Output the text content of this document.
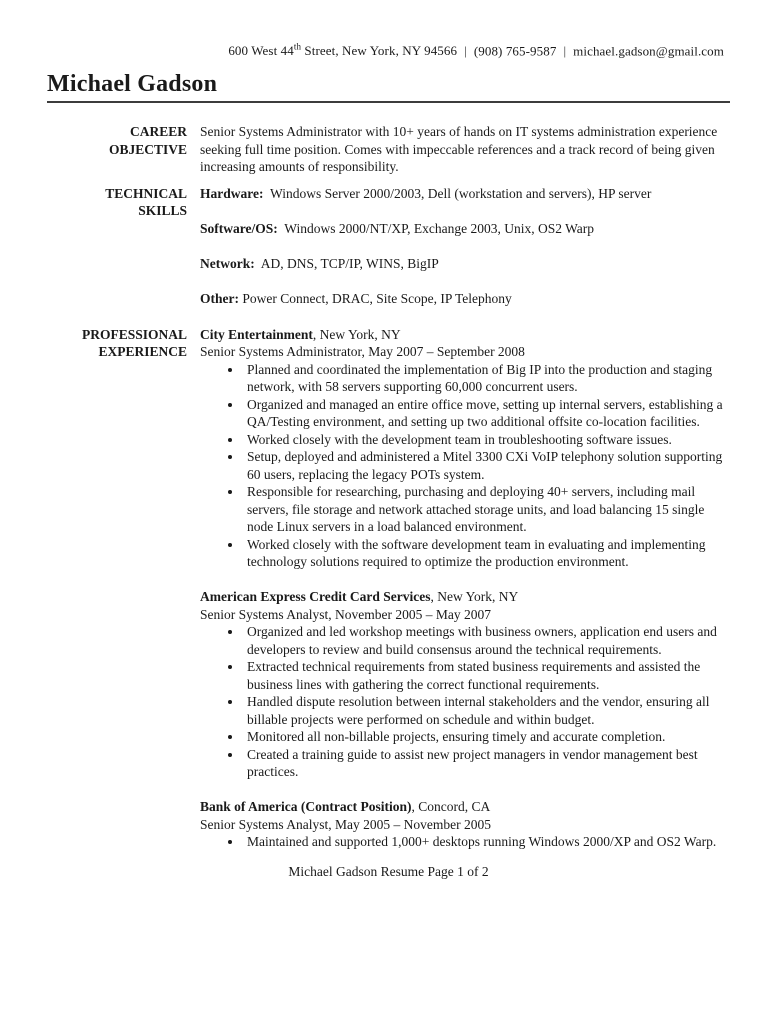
600 West 44th Street, New York, NY 94566 | (908) 765-9587 | michael.gadson@gmail.com
Michael Gadson
CAREER
OBJECTIVE
Senior Systems Administrator with 10+ years of hands on IT systems administration experience seeking full time position. Comes with impeccable references and a track record of being given increasing amounts of responsibility.
TECHNICAL
SKILLS
Hardware: Windows Server 2000/2003, Dell (workstation and servers), HP server
Software/OS: Windows 2000/NT/XP, Exchange 2003, Unix, OS2 Warp
Network: AD, DNS, TCP/IP, WINS, BigIP
Other: Power Connect, DRAC, Site Scope, IP Telephony
PROFESSIONAL
EXPERIENCE
City Entertainment, New York, NY
Senior Systems Administrator, May 2007 – September 2008
• Planned and coordinated the implementation of Big IP into the production and staging network, with 58 servers supporting 60,000 concurrent users.
• Organized and managed an entire office move, setting up internal servers, establishing a QA/Testing environment, and setting up two additional offsite co-location facilities.
• Worked closely with the development team in troubleshooting software issues.
• Setup, deployed and administered a Mitel 3300 CXi VoIP telephony solution supporting 60 users, replacing the legacy POTs system.
• Responsible for researching, purchasing and deploying 40+ servers, including mail servers, file storage and network attached storage units, and load balancing 15 single node Linux servers in a load balanced environment.
• Worked closely with the software development team in evaluating and implementing technology solutions required to optimize the production environment.
American Express Credit Card Services, New York, NY
Senior Systems Analyst, November 2005 – May 2007
• Organized and led workshop meetings with business owners, application end users and developers to review and build consensus around the technical requirements.
• Extracted technical requirements from stated business requirements and assisted the business lines with gathering the correct functional requirements.
• Handled dispute resolution between internal stakeholders and the vendor, ensuring all billable projects were performed on schedule and within budget.
• Monitored all non-billable projects, ensuring timely and accurate completion.
• Created a training guide to assist new project managers in vendor management best practices.
Bank of America (Contract Position), Concord, CA
Senior Systems Analyst, May 2005 – November 2005
• Maintained and supported 1,000+ desktops running Windows 2000/XP and OS2 Warp.
Michael Gadson Resume Page 1 of 2
